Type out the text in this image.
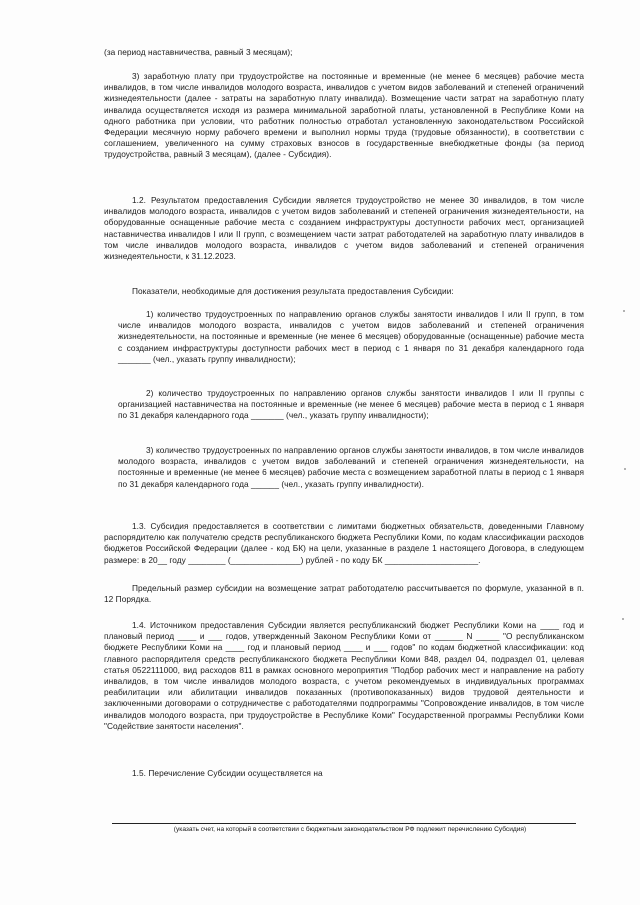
(за период наставничества, равный 3 месяцам);

3) заработную плату при трудоустройстве на постоянные и временные (не менее 6 месяцев) рабочие места инвалидов, в том числе инвалидов молодого возраста, инвалидов с учетом видов заболеваний и степеней ограничений жизнедеятельности (далее - затраты на заработную плату инвалида). Возмещение части затрат на заработную плату инвалида осуществляется исходя из размера минимальной заработной платы, установленной в Республике Коми на одного работника при условии, что работник полностью отработал установленную законодательством Российской Федерации месячную норму рабочего времени и выполнил нормы труда (трудовые обязанности), в соответствии с соглашением, увеличенного на сумму страховых взносов в государственные внебюджетные фонды (за период трудоустройства, равный 3 месяцам), (далее - Субсидия).

1.2. Результатом предоставления Субсидии является трудоустройство не менее 30 инвалидов, в том числе инвалидов молодого возраста, инвалидов с учетом видов заболеваний и степеней ограничения жизнедеятельности, на оборудованные оснащенные рабочие места с созданием инфраструктуры доступности рабочих мест, организацией наставничества инвалидов I или II групп, с возмещением части затрат работодателей на заработную плату инвалидов в том числе инвалидов молодого возраста, инвалидов с учетом видов заболеваний и степеней ограничения жизнедеятельности, к 31.12.2023.

Показатели, необходимые для достижения результата предоставления Субсидии:

1) количество трудоустроенных по направлению органов службы занятости инвалидов I или II групп, в том числе инвалидов молодого возраста, инвалидов с учетом видов заболеваний и степеней ограничения жизнедеятельности, на постоянные и временные (не менее 6 месяцев) оборудованные (оснащенные) рабочие места с созданием инфраструктуры доступности рабочих мест в период с 1 января по 31 декабря календарного года _______ (чел., указать группу инвалидности);

2) количество трудоустроенных по направлению органов службы занятости инвалидов I или II группы с организацией наставничества на постоянные и временные (не менее 6 месяцев) рабочие места в период с 1 января по 31 декабря календарного года _______ (чел., указать группу инвалидности);

3) количество трудоустроенных по направлению органов службы занятости инвалидов, в том числе инвалидов молодого возраста, инвалидов с учетом видов заболеваний и степеней ограничения жизнедеятельности, на постоянные и временные (не менее 6 месяцев) рабочие места с возмещением заработной платы в период с 1 января по 31 декабря календарного года ______ (чел., указать группу инвалидности).

1.3. Субсидия предоставляется в соответствии с лимитами бюджетных обязательств, доведенными Главному распорядителю как получателю средств республиканского бюджета Республики Коми, по кодам классификации расходов бюджетов Российской Федерации (далее - код БК) на цели, указанные в разделе 1 настоящего Договора, в следующем размере: в 20__ году ________ (_______________) рублей - по коду БК ____________________.

Предельный размер субсидии на возмещение затрат работодателю рассчитывается по формуле, указанной в п. 12 Порядка.

1.4. Источником предоставления Субсидии является республиканский бюджет Республики Коми на ____ год и плановый период ____ и ___ годов, утвержденный Законом Республики Коми от ______ N _____ "О республиканском бюджете Республики Коми на ____ год и плановый период ____ и ___ годов" по кодам бюджетной классификации: код главного распорядителя средств республиканского бюджета Республики Коми 848, раздел 04, подраздел 01, целевая статья 0522111000, вид расходов 811 в рамках основного мероприятия "Подбор рабочих мест и направление на работу инвалидов, в том числе инвалидов молодого возраста, с учетом рекомендуемых в индивидуальных программах реабилитации или абилитации инвалидов показанных (противопоказанных) видов трудовой деятельности и заключенными договорами о сотрудничестве с работодателями подпрограммы "Сопровождение инвалидов, в том числе инвалидов молодого возраста, при трудоустройстве в Республике Коми" Государственной программы Республики Коми "Содействие занятости населения".

1.5. Перечисление Субсидии осуществляется на

(указать счет, на который в соответствии с бюджетным законодательством РФ подлежит перечислению Субсидия)
